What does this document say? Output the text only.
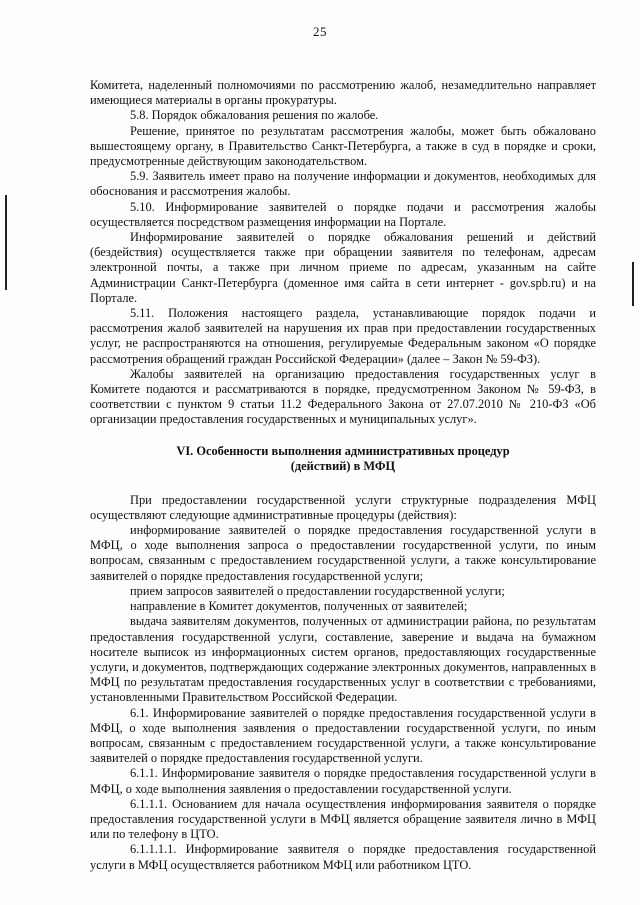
25

Комитета, наделенный полномочиями по рассмотрению жалоб, незамедлительно направляет имеющиеся материалы в органы прокуратуры.

5.8. Порядок обжалования решения по жалобе.

Решение, принятое по результатам рассмотрения жалобы, может быть обжаловано вышестоящему органу, в Правительство Санкт-Петербурга, а также в суд в порядке и сроки, предусмотренные действующим законодательством.

5.9. Заявитель имеет право на получение информации и документов, необходимых для обоснования и рассмотрения жалобы.

5.10. Информирование заявителей о порядке подачи и рассмотрения жалобы осуществляется посредством размещения информации на Портале.

Информирование заявителей о порядке обжалования решений и действий (бездействия) осуществляется также при обращении заявителя по телефонам, адресам электронной почты, а также при личном приеме по адресам, указанным на сайте Администрации Санкт-Петербурга (доменное имя сайта в сети интернет - gov.spb.ru) и на Портале.

5.11. Положения настоящего раздела, устанавливающие порядок подачи и рассмотрения жалоб заявителей на нарушения их прав при предоставлении государственных услуг, не распространяются на отношения, регулируемые Федеральным законом «О порядке рассмотрения обращений граждан Российской Федерации» (далее – Закон № 59-ФЗ).

Жалобы заявителей на организацию предоставления государственных услуг в Комитете подаются и рассматриваются в порядке, предусмотренном Законом № 59-ФЗ, в соответствии с пунктом 9 статьи 11.2 Федерального Закона от 27.07.2010 № 210-ФЗ «Об организации предоставления государственных и муниципальных услуг».

VI. Особенности выполнения административных процедур
(действий) в МФЦ

При предоставлении государственной услуги структурные подразделения МФЦ осуществляют следующие административные процедуры (действия):

информирование заявителей о порядке предоставления государственной услуги в МФЦ, о ходе выполнения запроса о предоставлении государственной услуги, по иным вопросам, связанным с предоставлением государственной услуги, а также консультирование заявителей о порядке предоставления государственной услуги;

прием запросов заявителей о предоставлении государственной услуги;

направление в Комитет документов, полученных от заявителей;

выдача заявителям документов, полученных от администрации района, по результатам предоставления государственной услуги, составление, заверение и выдача на бумажном носителе выписок из информационных систем органов, предоставляющих государственные услуги, и документов, подтверждающих содержание электронных документов, направленных в МФЦ по результатам предоставления государственных услуг в соответствии с требованиями, установленными Правительством Российской Федерации.

6.1. Информирование заявителей о порядке предоставления государственной услуги в МФЦ, о ходе выполнения заявления о предоставлении государственной услуги, по иным вопросам, связанным с предоставлением государственной услуги, а также консультирование заявителей о порядке предоставления государственной услуги.

6.1.1. Информирование заявителя о порядке предоставления государственной услуги в МФЦ, о ходе выполнения заявления о предоставлении государственной услуги.

6.1.1.1. Основанием для начала осуществления информирования заявителя о порядке предоставления государственной услуги в МФЦ является обращение заявителя лично в МФЦ или по телефону в ЦТО.

6.1.1.1.1. Информирование заявителя о порядке предоставления государственной услуги в МФЦ осуществляется работником МФЦ или работником ЦТО.
